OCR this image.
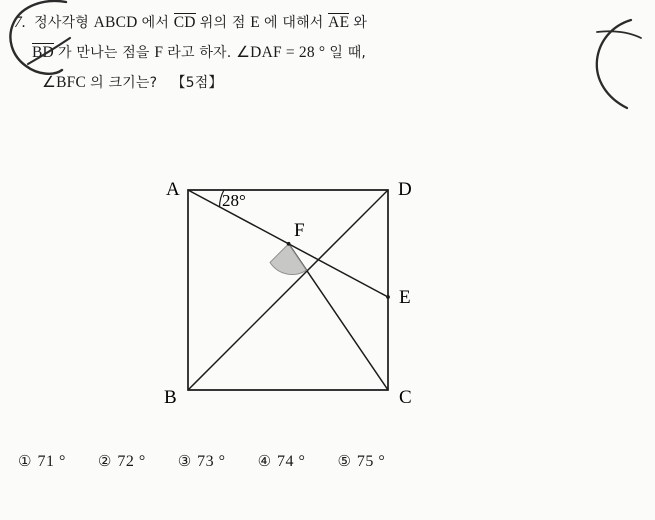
7. 정사각형 ABCD 에서 CD 위의 점 E 에 대해서 AE 와
BD 가 만나는 점을 F 라고 하자. ∠DAF = 28 ° 일 때,
∠BFC 의 크기는? 【5점】
A	D
B	C
E
F
28°
① 71 ° ② 72 ° ③ 73 ° ④ 74 ° ⑤ 75 °
